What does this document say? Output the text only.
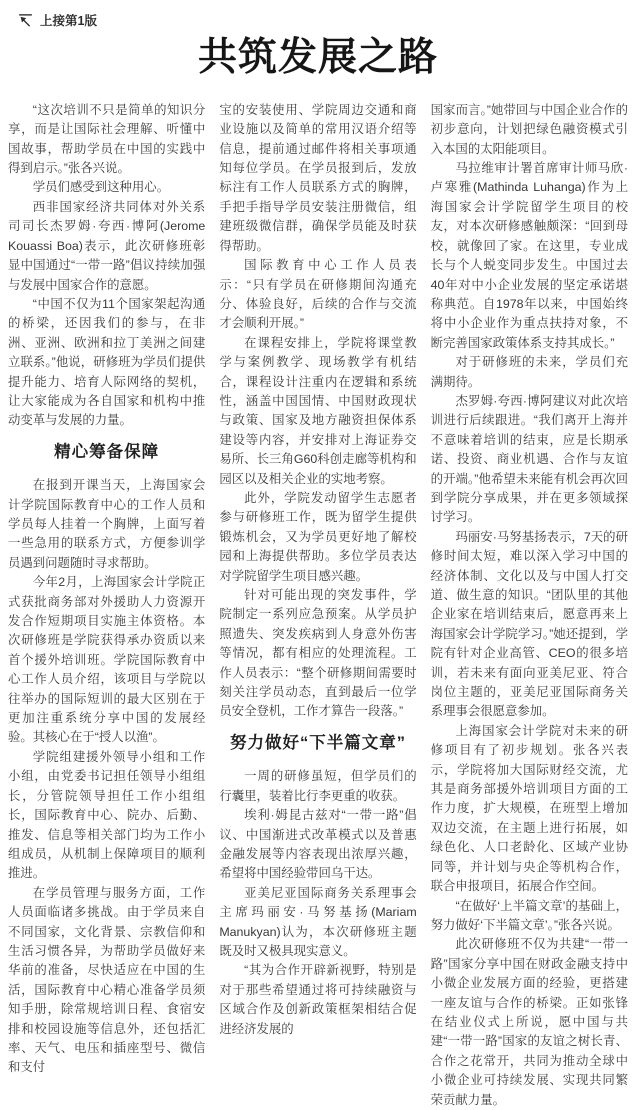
上接第1版
共筑发展之路

“这次培训不只是简单的知识分享，而是让国际社会理解、听懂中国故事，帮助学员在中国的实践中得到启示。”张各兴说。

学员们感受到这种用心。

西非国家经济共同体对外关系司司长杰罗姆·夸西·博阿(Jerome Kouassi Boa)表示，此次研修班彰显中国通过“一带一路”倡议持续加强与发展中国家合作的意愿。

“中国不仅为11个国家架起沟通的桥梁，还因我们的参与，在非洲、亚洲、欧洲和拉丁美洲之间建立联系。”他说，研修班为学员们提供提升能力、培育人际网络的契机，让大家能成为各自国家和机构中推动变革与发展的力量。

精心筹备保障

在报到开课当天，上海国家会计学院国际教育中心的工作人员和学员每人挂着一个胸牌，上面写着一些急用的联系方式，方便参训学员遇到问题随时寻求帮助。

今年2月，上海国家会计学院正式获批商务部对外援助人力资源开发合作短期项目实施主体资格。本次研修班是学院获得承办资质以来首个援外培训班。学院国际教育中心工作人员介绍，该项目与学院以往举办的国际短训的最大区别在于更加注重系统分享中国的发展经验。其核心在于“授人以渔”。

学院组建援外领导小组和工作小组，由党委书记担任领导小组组长，分管院领导担任工作小组组长，国际教育中心、院办、后勤、推发、信息等相关部门均为工作小组成员，从机制上保障项目的顺利推进。

在学员管理与服务方面，工作人员面临诸多挑战。由于学员来自不同国家，文化背景、宗教信仰和生活习惯各异，为帮助学员做好来华前的准备，尽快适应在中国的生活，国际教育中心精心准备学员须知手册，除常规培训日程、食宿安排和校园设施等信息外，还包括汇率、天气、电压和插座型号、微信和支付

宝的安装使用、学院周边交通和商业设施以及简单的常用汉语介绍等信息，提前通过邮件将相关事项通知每位学员。在学员报到后，发放标注有工作人员联系方式的胸牌，手把手指导学员安装注册微信，组建班级微信群，确保学员能及时获得帮助。

国际教育中心工作人员表示：“只有学员在研修期间沟通充分、体验良好，后续的合作与交流才会顺利开展。”

在课程安排上，学院将课堂教学与案例教学、现场教学有机结合，课程设计注重内在逻辑和系统性，涵盖中国国情、中国财政现状与政策、国家及地方融资担保体系建设等内容，并安排对上海证券交易所、长三角G60科创走廊等机构和园区以及相关企业的实地考察。

此外，学院发动留学生志愿者参与研修班工作，既为留学生提供锻炼机会，又为学员更好地了解校园和上海提供帮助。多位学员表达对学院留学生项目感兴趣。

针对可能出现的突发事件，学院制定一系列应急预案。从学员护照遗失、突发疾病到人身意外伤害等情况，都有相应的处理流程。工作人员表示：“整个研修期间需要时刻关注学员动态，直到最后一位学员安全登机，工作才算告一段落。”

努力做好“下半篇文章”

一周的研修虽短，但学员们的行囊里，装着比行李更重的收获。

埃利·姆昆古兹对“一带一路”倡议、中国渐进式改革模式以及普惠金融发展等内容表现出浓厚兴趣，希望将中国经验带回乌干达。

亚美尼亚国际商务关系理事会主席玛丽安·马努基扬(Mariam Manukyan)认为，本次研修班主题既及时又极具现实意义。

“其为合作开辟新视野，特别是对于那些希望通过将可持续融资与区域合作及创新政策框架相结合促进经济发展的

国家而言。”她带回与中国企业合作的初步意向，计划把绿色融资模式引入本国的太阳能项目。

马拉维审计署首席审计师马欣·卢寒雅(Mathinda Luhanga)作为上海国家会计学院留学生项目的校友，对本次研修感触颇深：“回到母校，就像回了家。在这里，专业成长与个人蜕变同步发生。中国过去40年对中小企业发展的坚定承诺堪称典范。自1978年以来，中国始终将中小企业作为重点扶持对象，不断完善国家政策体系支持其成长。”

对于研修班的未来，学员们充满期待。

杰罗姆·夸西·博阿建议对此次培训进行后续跟进。“我们离开上海并不意味着培训的结束，应是长期承诺、投资、商业机遇、合作与友谊的开端。”他希望未来能有机会再次回到学院分享成果，并在更多领域探讨学习。

玛丽安·马努基扬表示，7天的研修时间太短，难以深入学习中国的经济体制、文化以及与中国人打交道、做生意的知识。“团队里的其他企业家在培训结束后，愿意再来上海国家会计学院学习。”她还提到，学院有针对企业高管、CEO的很多培训，若未来有面向亚美尼亚、符合岗位主题的，亚美尼亚国际商务关系理事会很愿意参加。

上海国家会计学院对未来的研修项目有了初步规划。张各兴表示，学院将加大国际财经交流，尤其是商务部援外培训项目方面的工作力度，扩大规模，在班型上增加双边交流，在主题上进行拓展，如绿色化、人口老龄化、区域产业协同等，并计划与央企等机构合作，联合申报项目，拓展合作空间。

“在做好‘上半篇文章’的基础上，努力做好‘下半篇文章’。”张各兴说。

此次研修班不仅为共建“一带一路”国家分享中国在财政金融支持中小微企业发展方面的经验，更搭建一座友谊与合作的桥梁。正如张锋在结业仪式上所说，愿中国与共建“一带一路”国家的友谊之树长青、合作之花常开，共同为推动全球中小微企业可持续发展、实现共同繁荣贡献力量。
